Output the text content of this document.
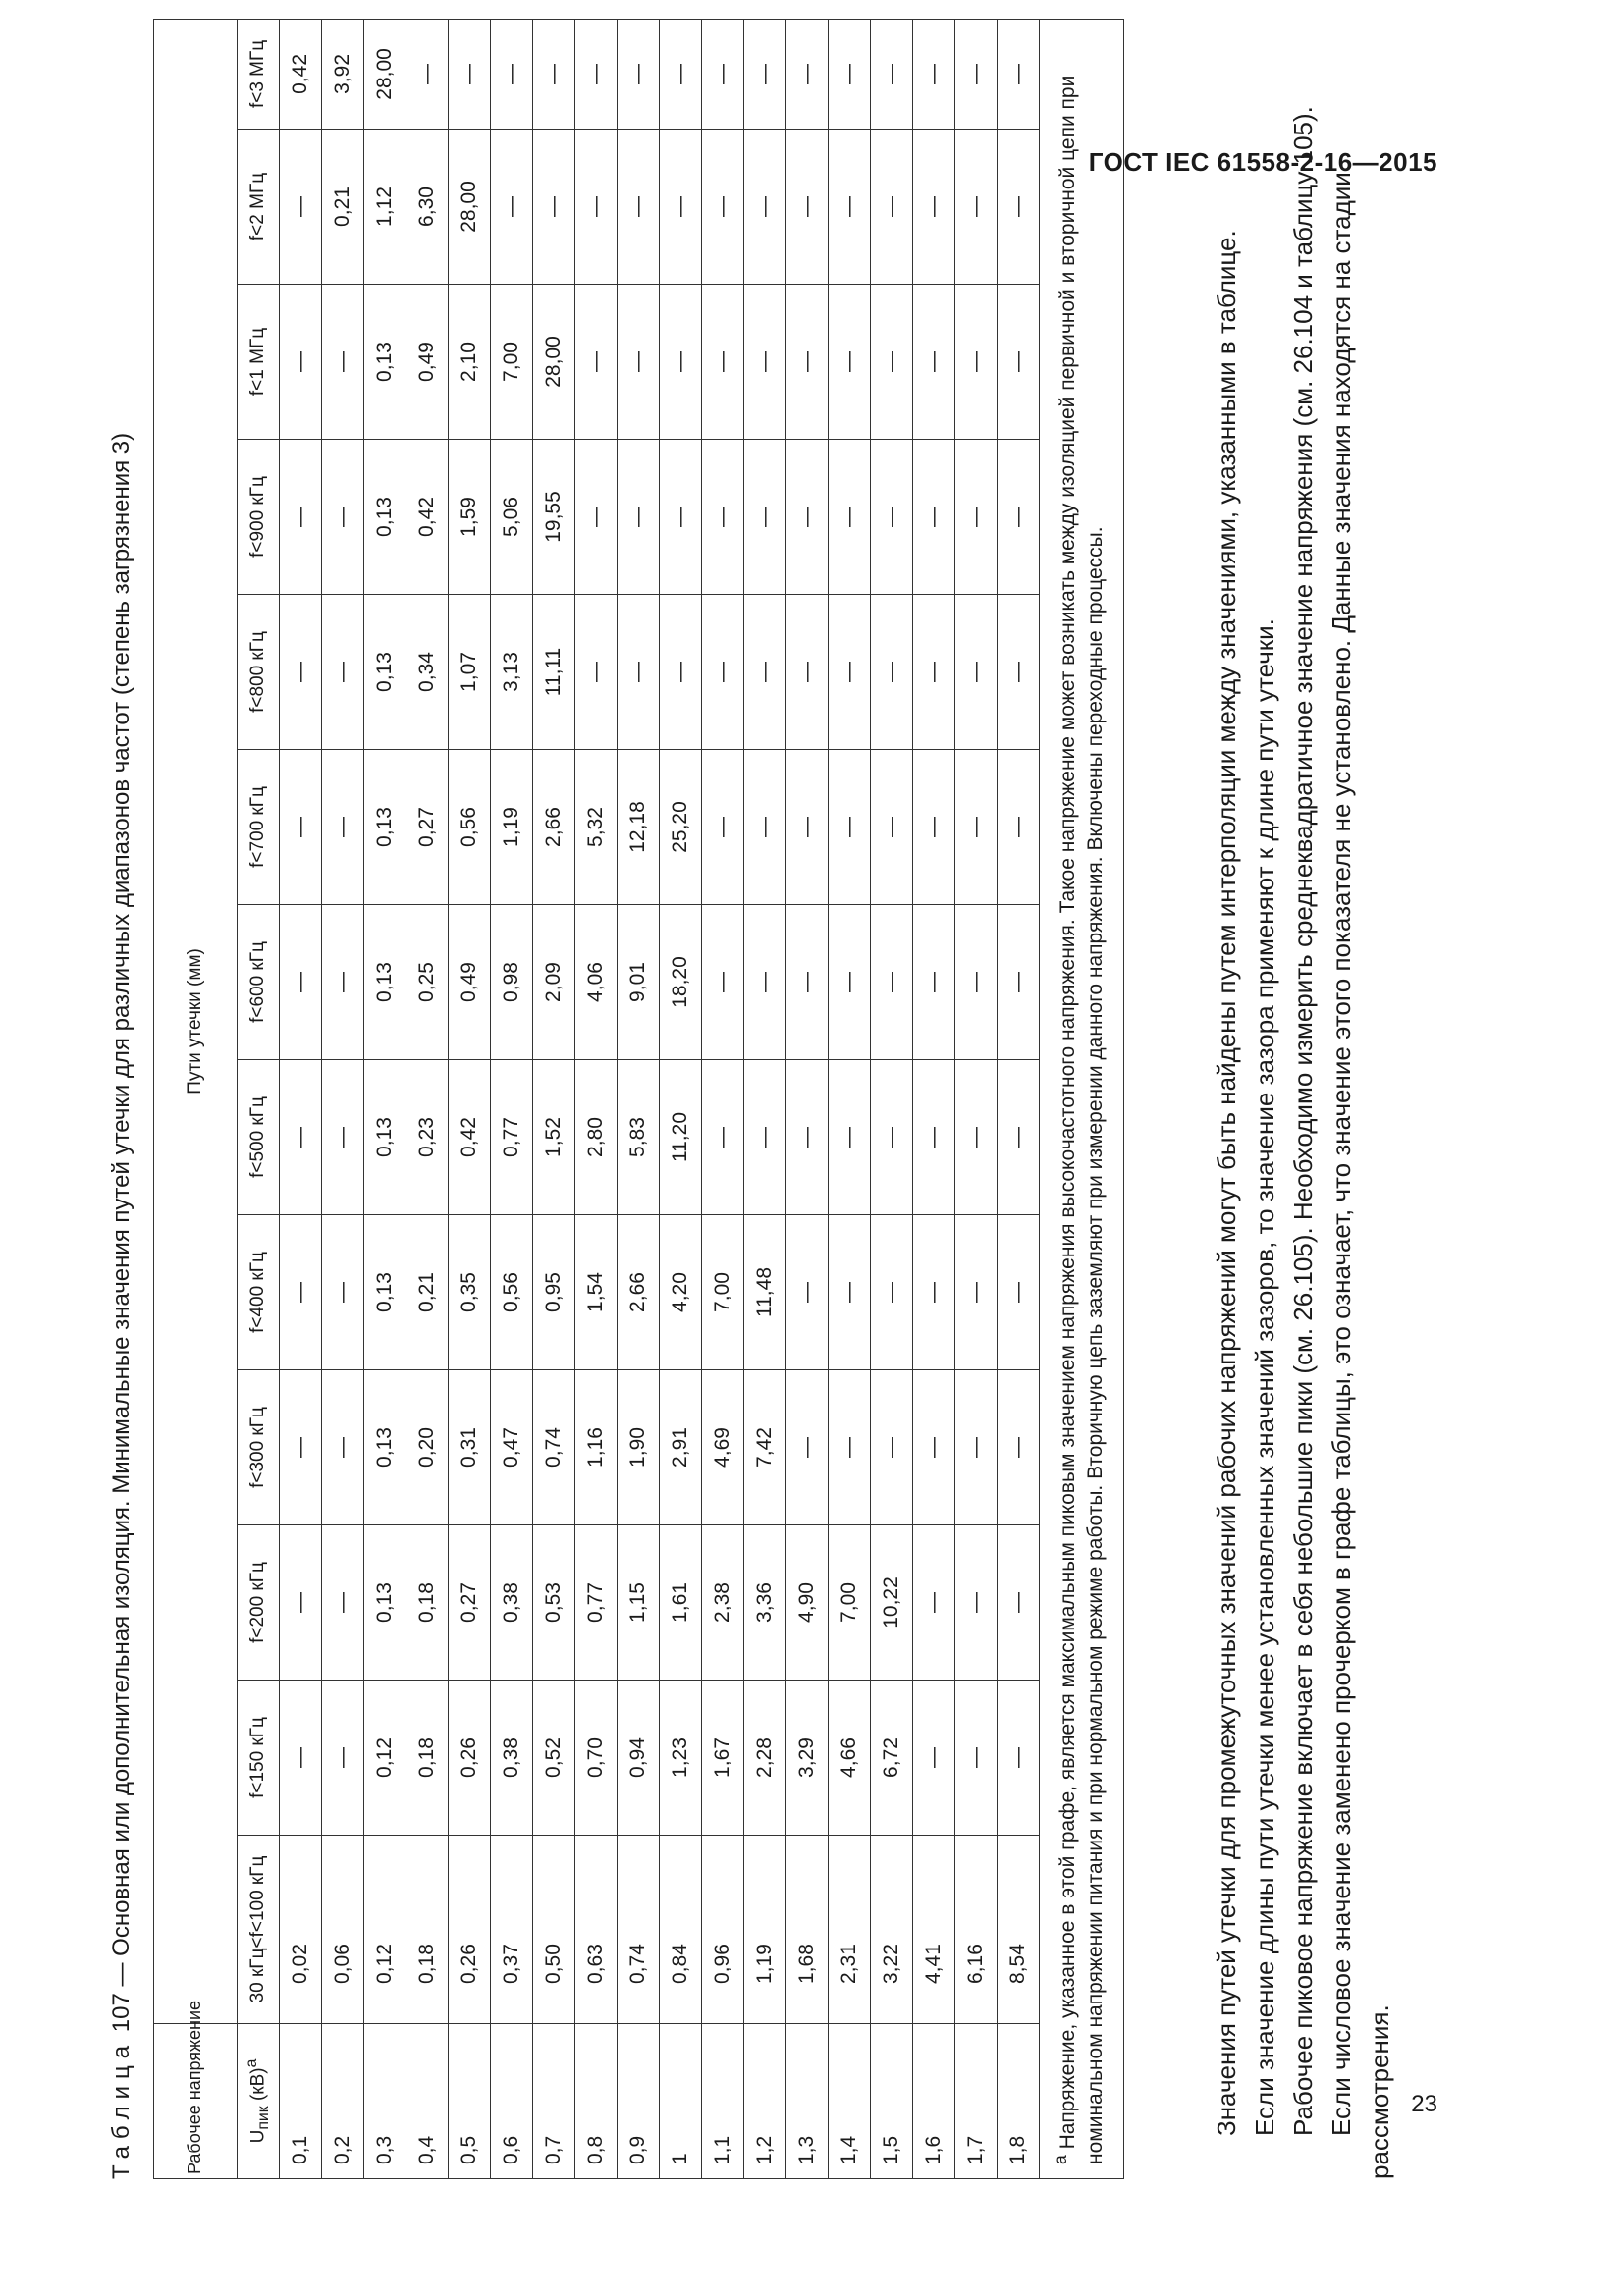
ГОСТ IEC 61558-2-16—2015
23
Таблица 107 — Основная или дополнительная изоляция. Минимальные значения путей утечки для различных диапазонов частот (степень загрязнения 3)
Рабочее напряжение	Пути утечки (мм)												
$U_{пик}$ (кВ)$^a$	30 кГц<f<100 кГц	f<150 кГц	f<200 кГц	f<300 кГц	f<400 кГц	f<500 кГц	f<600 кГц	f<700 кГц	f<800 кГц	f<900 кГц	f<1 МГц	f<2 МГц	f<3 МГц
0,1	0,02	—	—	—	—	—	—	—	—	—	—	—	0,42
0,2	0,06	—	—	—	—	—	—	—	—	—	—	0,21	3,92
0,3	0,12	0,12	0,13	0,13	0,13	0,13	0,13	0,13	0,13	0,13	0,13	1,12	28,00
0,4	0,18	0,18	0,18	0,20	0,21	0,23	0,25	0,27	0,34	0,42	0,49	6,30	—
0,5	0,26	0,26	0,27	0,31	0,35	0,42	0,49	0,56	1,07	1,59	2,10	28,00	—
0,6	0,37	0,38	0,38	0,47	0,56	0,77	0,98	1,19	3,13	5,06	7,00	—	—
0,7	0,50	0,52	0,53	0,74	0,95	1,52	2,09	2,66	11,11	19,55	28,00	—	—
0,8	0,63	0,70	0,77	1,16	1,54	2,80	4,06	5,32	—	—	—	—	—
0,9	0,74	0,94	1,15	1,90	2,66	5,83	9,01	12,18	—	—	—	—	—
1	0,84	1,23	1,61	2,91	4,20	11,20	18,20	25,20	—	—	—	—	—
1,1	0,96	1,67	2,38	4,69	7,00	—	—	—	—	—	—	—	—
1,2	1,19	2,28	3,36	7,42	11,48	—	—	—	—	—	—	—	—
1,3	1,68	3,29	4,90	—	—	—	—	—	—	—	—	—	—
1,4	2,31	4,66	7,00	—	—	—	—	—	—	—	—	—	—
1,5	3,22	6,72	10,22	—	—	—	—	—	—	—	—	—	—
1,6	4,41	—	—	—	—	—	—	—	—	—	—	—	—
1,7	6,16	—	—	—	—	—	—	—	—	—	—	—	—
1,8	8,54	—	—	—	—	—	—	—	—	—	—	—	—
$^а$ Напряжение, указанное в этой графе, является максимальным пиковым значением напряжения высокочастотного напряжения. Такое напряжение может возникать между изоляцией первичной и вторичной цепи при номинальном напряжении питания и при нормальном режиме работы. Вторичную цепь заземляют при измерении данного напряжения. Включены переходные процессы.														Значения путей утечки для промежуточных значений рабочих напряжений могут быть найдены путем интерполяции между значениями, указанными в таблице. Если значение длины пути утечки менее установленных значений зазоров, то значение зазора применяют к длине пути утечки. Рабочее пиковое напряжение включает в себя небольшие пики (см. 26.105). Необходимо измерить среднеквадратичное значение напряжения (см. 26.104 и таблицу 105). Если числовое значение заменено прочерком в графе таблицы, это означает, что значение этого показателя не установлено. Данные значения находятся на стадии рассмотрения.
